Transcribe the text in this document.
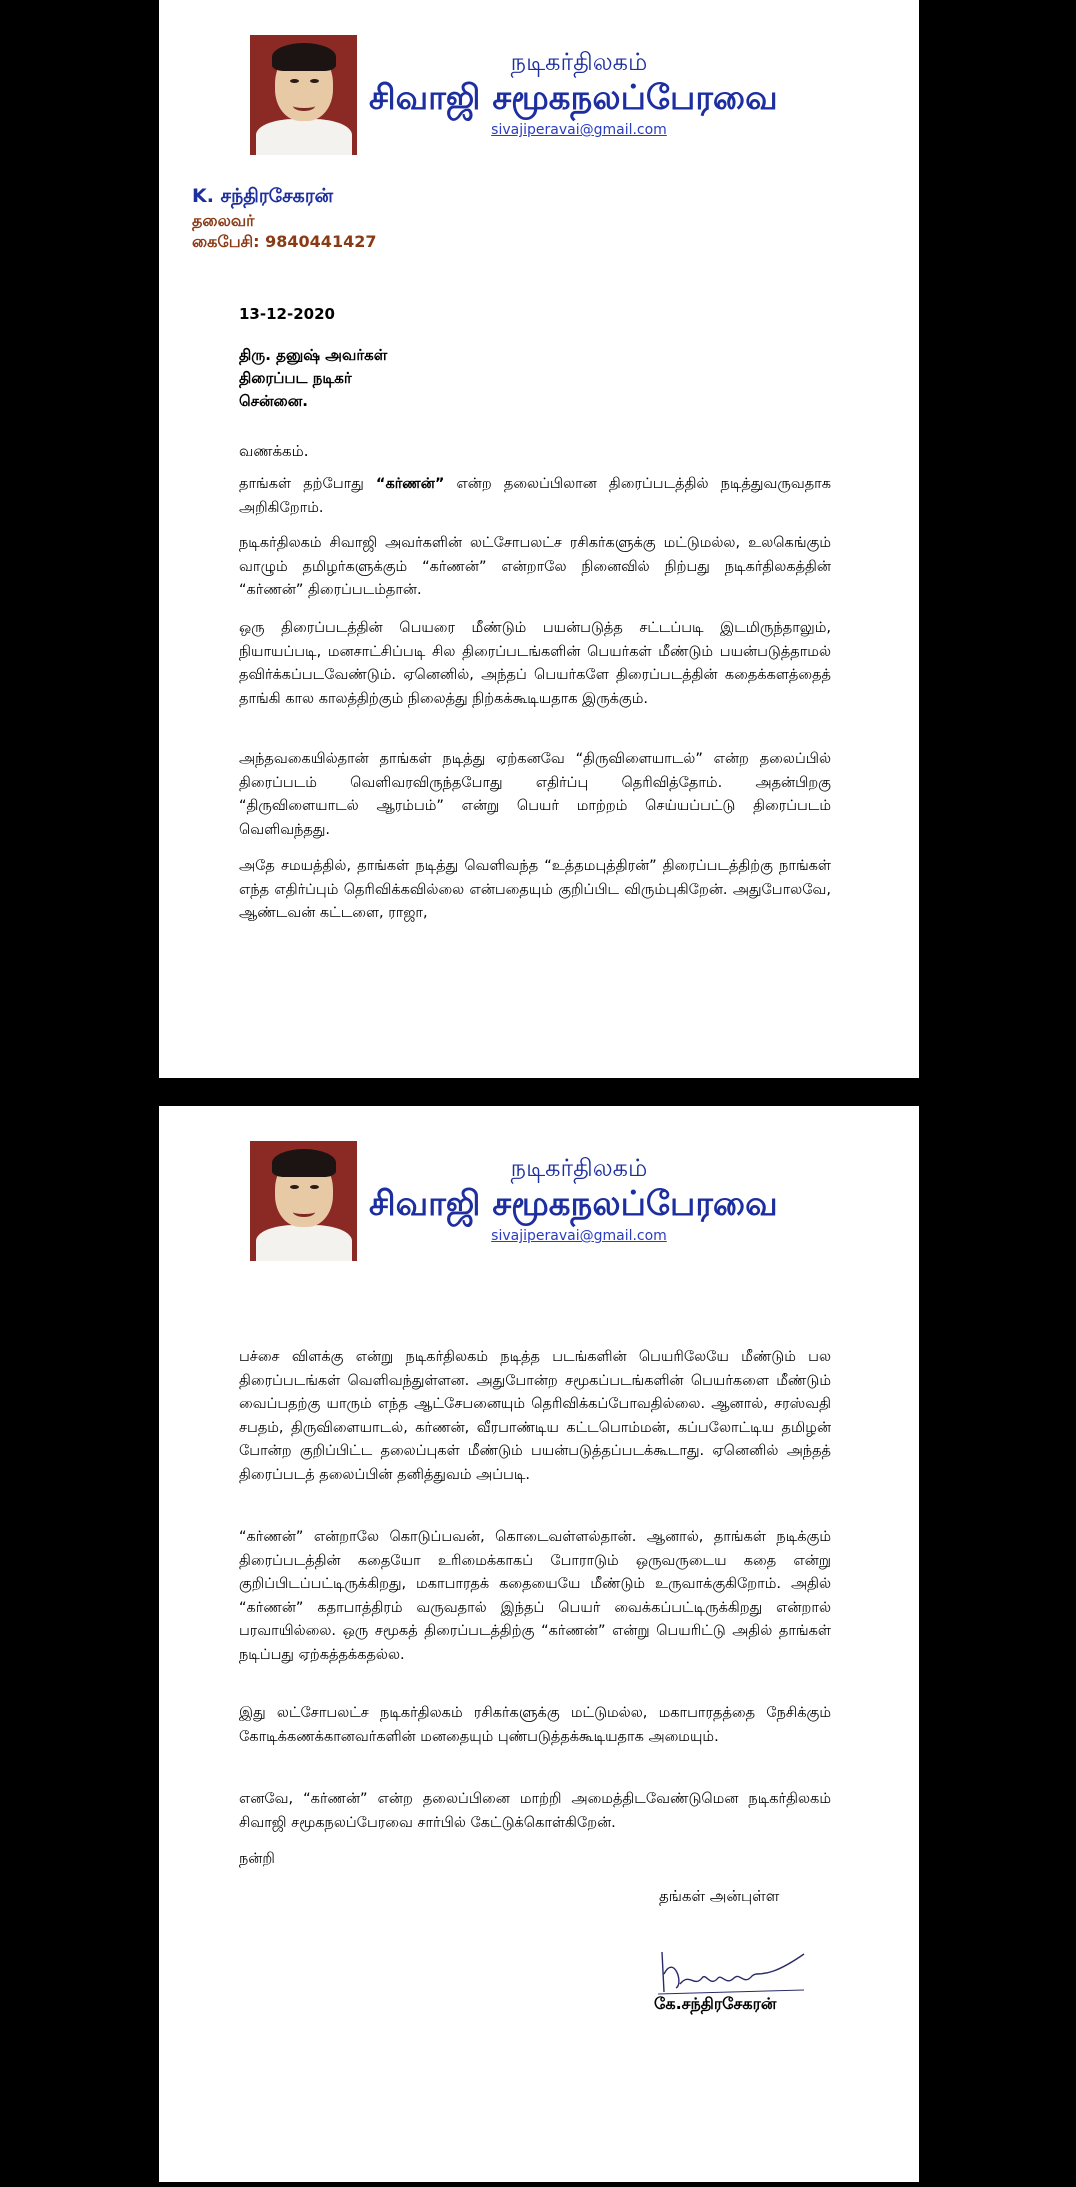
நடிகர்திலகம்
சிவாஜி சமூகநலப்பேரவை
sivajiperavai@gmail.com
K. சந்திரசேகரன்
தலைவர்
கைபேசி: 9840441427
13-12-2020
திரு. தனுஷ் அவர்கள்
திரைப்பட நடிகர்
சென்னை.
வணக்கம்.

தாங்கள் தற்போது “கர்ணன்” என்ற தலைப்பிலான திரைப்படத்தில் நடித்துவருவதாக அறிகிறோம்.

நடிகர்திலகம் சிவாஜி அவர்களின் லட்சோபலட்ச ரசிகர்களுக்கு மட்டுமல்ல, உலகெங்கும் வாழும் தமிழர்களுக்கும் “கர்ணன்” என்றாலே நினைவில் நிற்பது நடிகர்திலகத்தின் “கர்ணன்” திரைப்படம்தான்.

ஒரு திரைப்படத்தின் பெயரை மீண்டும் பயன்படுத்த சட்டப்படி இடமிருந்தாலும், நியாயப்படி, மனசாட்சிப்படி சில திரைப்படங்களின் பெயர்கள் மீண்டும் பயன்படுத்தாமல் தவிர்க்கப்படவேண்டும். ஏனெனில், அந்தப் பெயர்களே திரைப்படத்தின் கதைக்களத்தைத் தாங்கி கால காலத்திற்கும் நிலைத்து நிற்கக்கூடியதாக இருக்கும்.

அந்தவகையில்தான் தாங்கள் நடித்து ஏற்கனவே “திருவிளையாடல்” என்ற தலைப்பில் திரைப்படம் வெளிவரவிருந்தபோது எதிர்ப்பு தெரிவித்தோம். அதன்பிறகு “திருவிளையாடல் ஆரம்பம்” என்று பெயர் மாற்றம் செய்யப்பட்டு திரைப்படம் வெளிவந்தது.

அதே சமயத்தில், தாங்கள் நடித்து வெளிவந்த “உத்தமபுத்திரன்” திரைப்படத்திற்கு நாங்கள் எந்த எதிர்ப்பும் தெரிவிக்கவில்லை என்பதையும் குறிப்பிட விரும்புகிறேன். அதுபோலவே, ஆண்டவன் கட்டளை, ராஜா,

நடிகர்திலகம்
சிவாஜி சமூகநலப்பேரவை
sivajiperavai@gmail.com

பச்சை விளக்கு என்று நடிகர்திலகம் நடித்த படங்களின் பெயரிலேயே மீண்டும் பல திரைப்படங்கள் வெளிவந்துள்ளன. அதுபோன்ற சமூகப்படங்களின் பெயர்களை மீண்டும் வைப்பதற்கு யாரும் எந்த ஆட்சேபனையும் தெரிவிக்கப்போவதில்லை. ஆனால், சரஸ்வதி சபதம், திருவிளையாடல், கர்ணன், வீரபாண்டிய கட்டபொம்மன், கப்பலோட்டிய தமிழன் போன்ற குறிப்பிட்ட தலைப்புகள் மீண்டும் பயன்படுத்தப்படக்கூடாது. ஏனெனில் அந்தத் திரைப்படத் தலைப்பின் தனித்துவம் அப்படி.

“கர்ணன்” என்றாலே கொடுப்பவன், கொடைவள்ளல்தான். ஆனால், தாங்கள் நடிக்கும் திரைப்படத்தின் கதையோ உரிமைக்காகப் போராடும் ஒருவருடைய கதை என்று குறிப்பிடப்பட்டிருக்கிறது, மகாபாரதக் கதையையே மீண்டும் உருவாக்குகிறோம். அதில் “கர்ணன்” கதாபாத்திரம் வருவதால் இந்தப் பெயர் வைக்கப்பட்டிருக்கிறது என்றால் பரவாயில்லை. ஒரு சமூகத் திரைப்படத்திற்கு “கர்ணன்” என்று பெயரிட்டு அதில் தாங்கள் நடிப்பது ஏற்கத்தக்கதல்ல.

இது லட்சோபலட்ச நடிகர்திலகம் ரசிகர்களுக்கு மட்டுமல்ல, மகாபாரதத்தை நேசிக்கும் கோடிக்கணக்கானவர்களின் மனதையும் புண்படுத்தக்கூடியதாக அமையும்.

எனவே, “கர்ணன்” என்ற தலைப்பினை மாற்றி அமைத்திடவேண்டுமென நடிகர்திலகம் சிவாஜி சமூகநலப்பேரவை சார்பில் கேட்டுக்கொள்கிறேன்.

நன்றி
தங்கள் அன்புள்ள
கே.சந்திரசேகரன்
